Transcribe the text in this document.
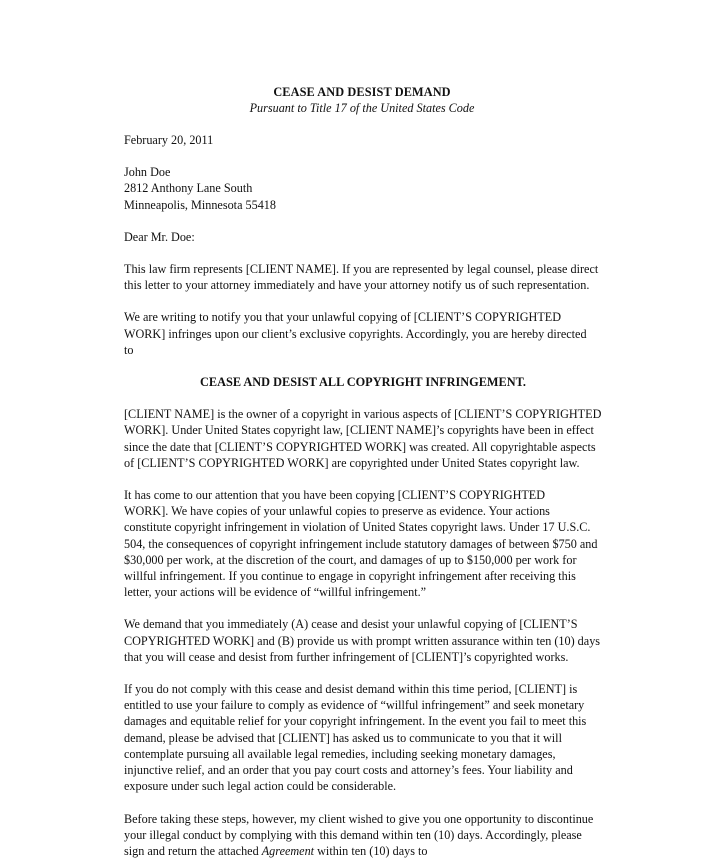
CEASE AND DESIST DEMAND
Pursuant to Title 17 of the United States Code
February 20, 2011
John Doe
2812 Anthony Lane South
Minneapolis, Minnesota 55418
Dear Mr. Doe:

This law firm represents [CLIENT NAME]. If you are represented by legal counsel, please direct
this letter to your attorney immediately and have your attorney notify us of such representation.

We are writing to notify you that your unlawful copying of [CLIENT’S COPYRIGHTED
WORK] infringes upon our client’s exclusive copyrights. Accordingly, you are hereby directed
to

CEASE AND DESIST ALL COPYRIGHT INFRINGEMENT.

[CLIENT NAME] is the owner of a copyright in various aspects of [CLIENT’S COPYRIGHTED
WORK]. Under United States copyright law, [CLIENT NAME]’s copyrights have been in effect
since the date that [CLIENT’S COPYRIGHTED WORK] was created. All copyrightable aspects
of [CLIENT’S COPYRIGHTED WORK] are copyrighted under United States copyright law.

It has come to our attention that you have been copying [CLIENT’S COPYRIGHTED
WORK]. We have copies of your unlawful copies to preserve as evidence. Your actions
constitute copyright infringement in violation of United States copyright laws. Under 17 U.S.C.
504, the consequences of copyright infringement include statutory damages of between $750 and
$30,000 per work, at the discretion of the court, and damages of up to $150,000 per work for
willful infringement. If you continue to engage in copyright infringement after receiving this
letter, your actions will be evidence of “willful infringement.”

We demand that you immediately (A) cease and desist your unlawful copying of [CLIENT’S
COPYRIGHTED WORK] and (B) provide us with prompt written assurance within ten (10) days
that you will cease and desist from further infringement of [CLIENT]’s copyrighted works.

If you do not comply with this cease and desist demand within this time period, [CLIENT] is
entitled to use your failure to comply as evidence of “willful infringement” and seek monetary
damages and equitable relief for your copyright infringement. In the event you fail to meet this
demand, please be advised that [CLIENT] has asked us to communicate to you that it will
contemplate pursuing all available legal remedies, including seeking monetary damages,
injunctive relief, and an order that you pay court costs and attorney’s fees. Your liability and
exposure under such legal action could be considerable.

Before taking these steps, however, my client wished to give you one opportunity to discontinue
your illegal conduct by complying with this demand within ten (10) days. Accordingly, please
sign and return the attached Agreement within ten (10) days to
